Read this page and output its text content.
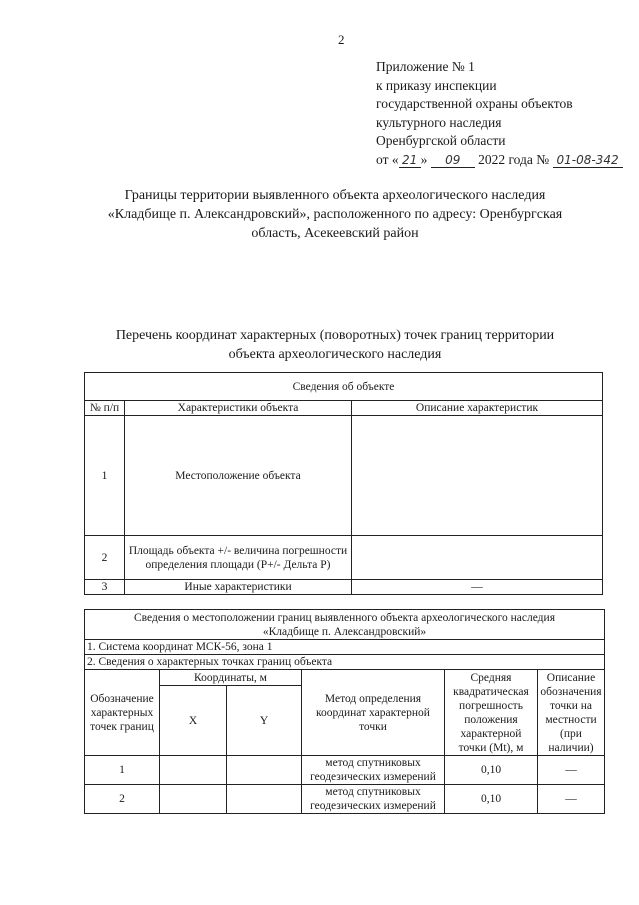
2
Приложение № 1
к приказу инспекции
государственной охраны объектов
культурного наследия
Оренбургской области
от « 21 » 09 2022 года № 01-08-342
Границы территории выявленного объекта археологического наследия
«Кладбище п. Александровский», расположенного по адресу: Оренбургская
область, Асекеевский район
Перечень координат характерных (поворотных) точек границ территории
объекта археологического наследия
Сведения об объекте		
№ п/п	Характеристики объекта	Описание характеристик
1	Местоположение объекта	
2	Площадь объекта +/- величина погрешности определения площади (Р+/- Дельта Р)	
3	Иные характеристики	—
Сведения о местоположении границ выявленного объекта археологического наследия
«Кладбище п. Александровский»					

1. Система координат МСК-56, зона 1					
2. Сведения о характерных точках границ объекта					
Обозначение характерных точек границ	Координаты, м		Метод определения координат характерной точки	Средняя квадратическая погрешность положения характерной точки (Mt), м	Описание обозначения точки на местности (при наличии)
	X	Y			
1			метод спутниковых геодезических измерений	0,10	—
2			метод спутниковых геодезических измерений	0,10	—
